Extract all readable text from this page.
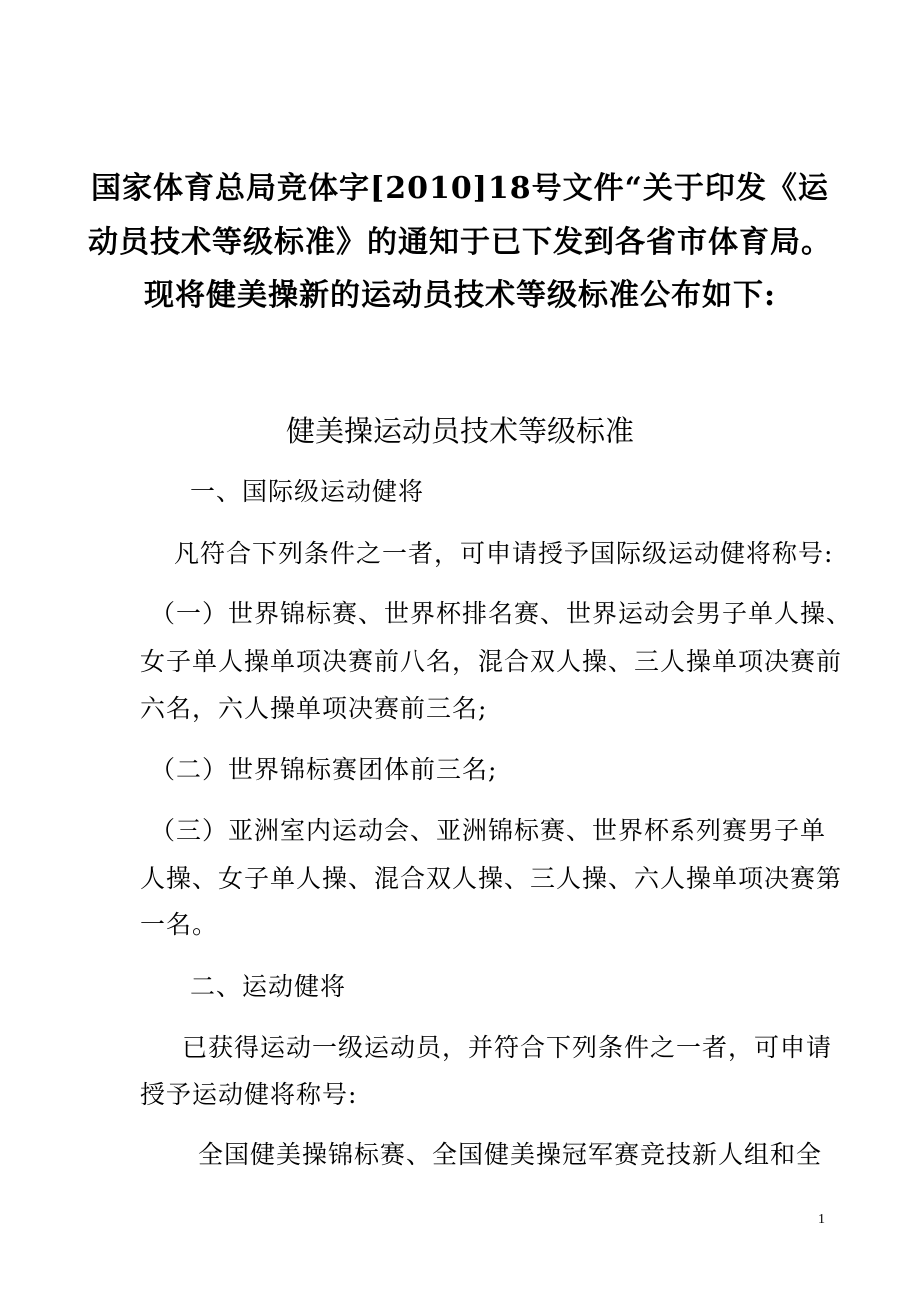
国家体育总局竞体字[2010]18号文件“关于印发《运
动员技术等级标准》的通知于已下发到各省市体育局。
现将健美操新的运动员技术等级标准公布如下:
健美操运动员技术等级标准
一、国际级运动健将
凡符合下列条件之一者，可申请授予国际级运动健将称号:
（一）世界锦标赛、世界杯排名赛、世界运动会男子单人操、
女子单人操单项决赛前八名，混合双人操、三人操单项决赛前
六名，六人操单项决赛前三名;
（二）世界锦标赛团体前三名;
（三）亚洲室内运动会、亚洲锦标赛、世界杯系列赛男子单
人操、女子单人操、混合双人操、三人操、六人操单项决赛第
一名。
二、运动健将
已获得运动一级运动员，并符合下列条件之一者，可申请
授予运动健将称号:
全国健美操锦标赛、全国健美操冠军赛竞技新人组和全
1
